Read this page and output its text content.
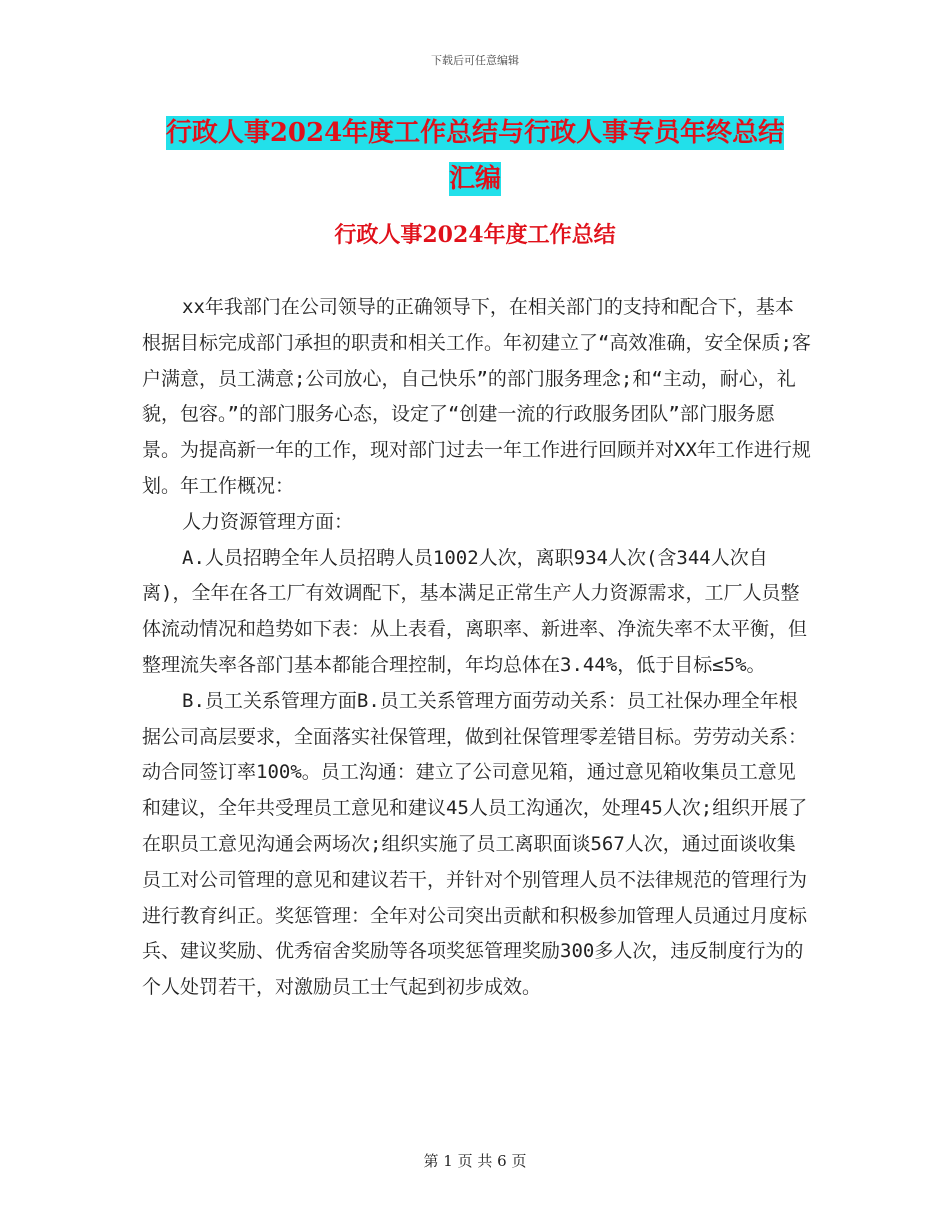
下载后可任意编辑
行政人事2024年度工作总结与行政人事专员年终总结
汇编
行政人事2024年度工作总结

xx年我部门在公司领导的正确领导下，在相关部门的支持和配合下，基本根据目标完成部门承担的职责和相关工作。年初建立了“高效准确，安全保质;客户满意，员工满意;公司放心，自己快乐”的部门服务理念;和“主动，耐心，礼貌，包容。”的部门服务心态，设定了“创建一流的行政服务团队”部门服务愿景。为提高新一年的工作，现对部门过去一年工作进行回顾并对XX年工作进行规划。年工作概况：

人力资源管理方面：

A.人员招聘全年人员招聘人员1002人次，离职934人次(含344人次自离)，全年在各工厂有效调配下，基本满足正常生产人力资源需求，工厂人员整体流动情况和趋势如下表：从上表看，离职率、新进率、净流失率不太平衡，但整理流失率各部门基本都能合理控制，年均总体在3.44%，低于目标≤5%。

B.员工关系管理方面B.员工关系管理方面劳动关系：员工社保办理全年根据公司高层要求，全面落实社保管理，做到社保管理零差错目标。劳劳动关系：动合同签订率100%。员工沟通：建立了公司意见箱，通过意见箱收集员工意见和建议，全年共受理员工意见和建议45人员工沟通次，处理45人次;组织开展了在职员工意见沟通会两场次;组织实施了员工离职面谈567人次，通过面谈收集员工对公司管理的意见和建议若干，并针对个别管理人员不法律规范的管理行为进行教育纠正。奖惩管理：全年对公司突出贡献和积极参加管理人员通过月度标兵、建议奖励、优秀宿舍奖励等各项奖惩管理奖励300多人次，违反制度行为的个人处罚若干，对激励员工士气起到初步成效。

第 1 页 共 6 页
